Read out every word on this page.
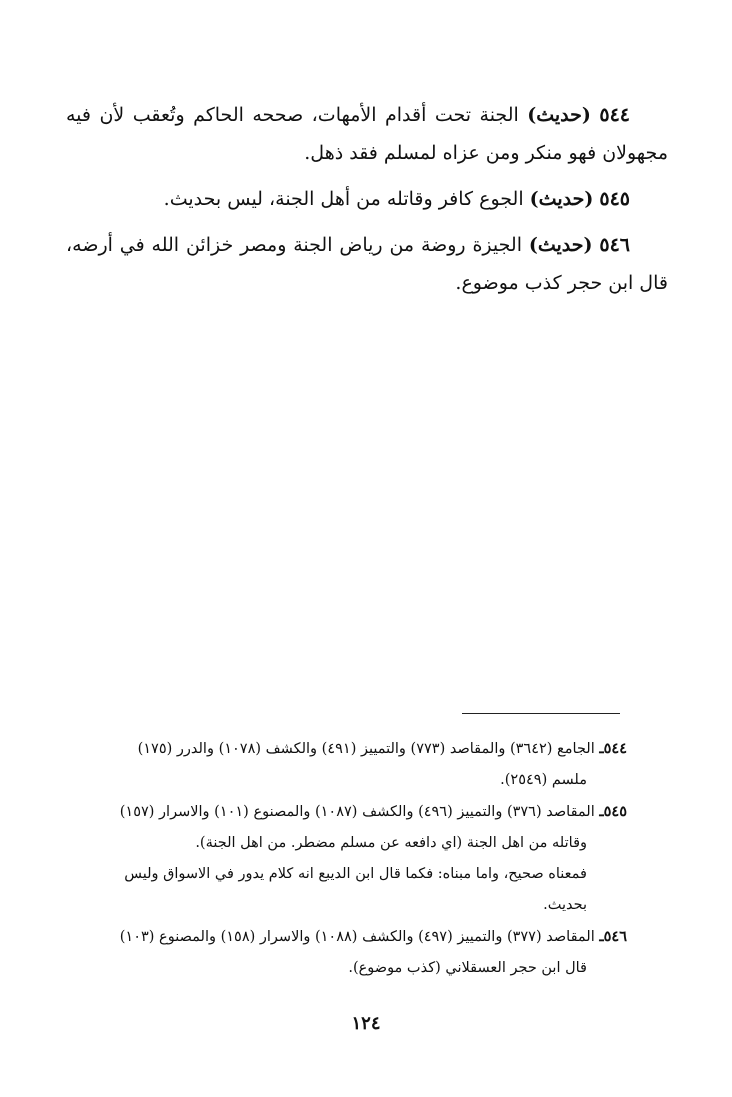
٥٤٤ (حديث) الجنة تحت أقدام الأمهات، صححه الحاكم وتُعقب لأن فيه مجهولان فهو منكر ومن عزاه لمسلم فقد ذهل.

٥٤٥ (حديث) الجوع كافر وقاتله من أهل الجنة، ليس بحديث.

٥٤٦ (حديث) الجيزة روضة من رياض الجنة ومصر خزائن الله في أرضه، قال ابن حجر كذب موضوع.

٥٤٤ـ الجامع (٣٦٤٢) والمقاصد (٧٧٣) والتمييز (٤٩١) والكشف (١٠٧٨) والدرر (١٧٥)
ملسم (٢٥٤٩).

٥٤٥ـ المقاصد (٣٧٦) والتمييز (٤٩٦) والكشف (١٠٨٧) والمصنوع (١٠١) والاسرار (١٥٧)
وقاتله من اهل الجنة (اي دافعه عن مسلم مضطر. من اهل الجنة).
فمعناه صحيح، واما مبناه: فكما قال ابن الديبع انه كلام يدور في الاسواق وليس
بحديث.

٥٤٦ـ المقاصد (٣٧٧) والتمييز (٤٩٧) والكشف (١٠٨٨) والاسرار (١٥٨) والمصنوع (١٠٣)
قال ابن حجر العسقلاني (كذب موضوع).

١٢٤
